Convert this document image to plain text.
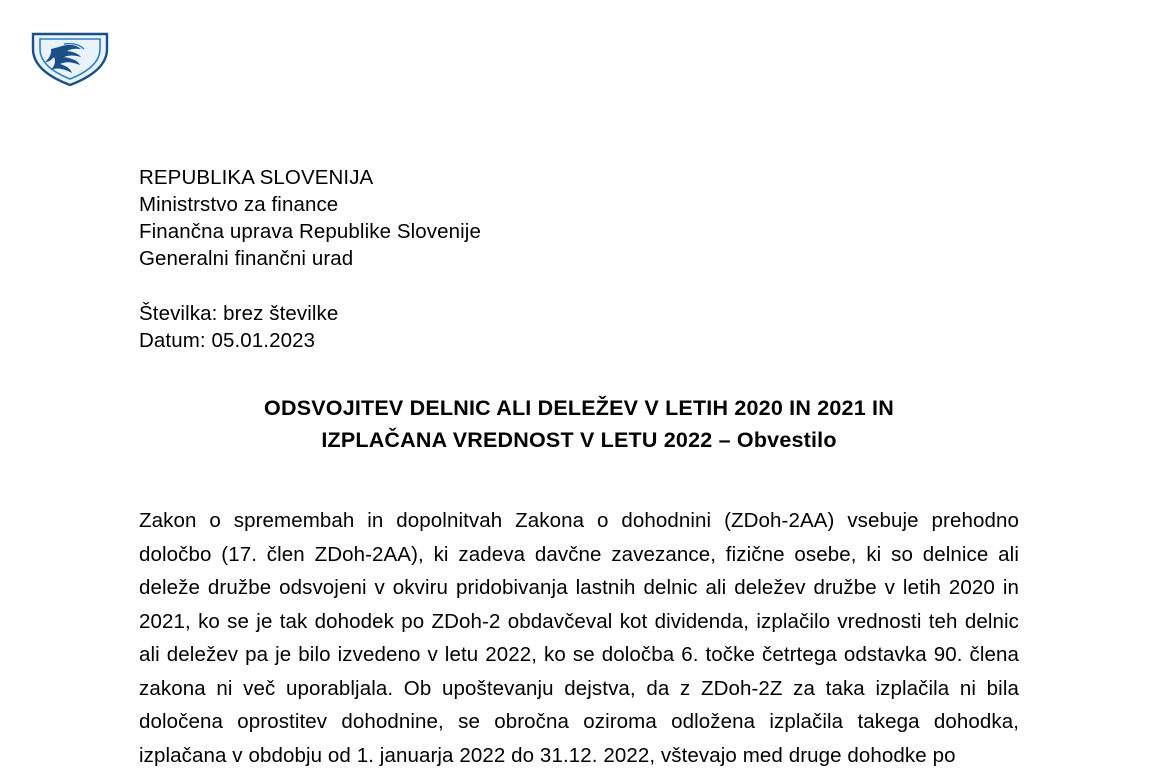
REPUBLIKA SLOVENIJA
Ministrstvo za finance
Finančna uprava Republike Slovenije
Generalni finančni urad
Številka: brez številke
Datum: 05.01.2023
ODSVOJITEV DELNIC ALI DELEŽEV V LETIH 2020 IN 2021 IN
IZPLAČANA VREDNOST V LETU 2022 – Obvestilo

Zakon o spremembah in dopolnitvah Zakona o dohodnini (ZDoh-2AA) vsebuje prehodno določbo (17. člen ZDoh-2AA), ki zadeva davčne zavezance, fizične osebe, ki so delnice ali deleže družbe odsvojeni v okviru pridobivanja lastnih delnic ali deležev družbe v letih 2020 in 2021, ko se je tak dohodek po ZDoh-2 obdavčeval kot dividenda, izplačilo vrednosti teh delnic ali deležev pa je bilo izvedeno v letu 2022, ko se določba 6. točke četrtega odstavka 90. člena zakona ni več uporabljala. Ob upoštevanju dejstva, da z ZDoh-2Z za taka izplačila ni bila določena oprostitev dohodnine, se obročna oziroma odložena izplačila takega dohodka, izplačana v obdobju od 1. januarja 2022 do 31.12. 2022, vštevajo med druge dohodke po
